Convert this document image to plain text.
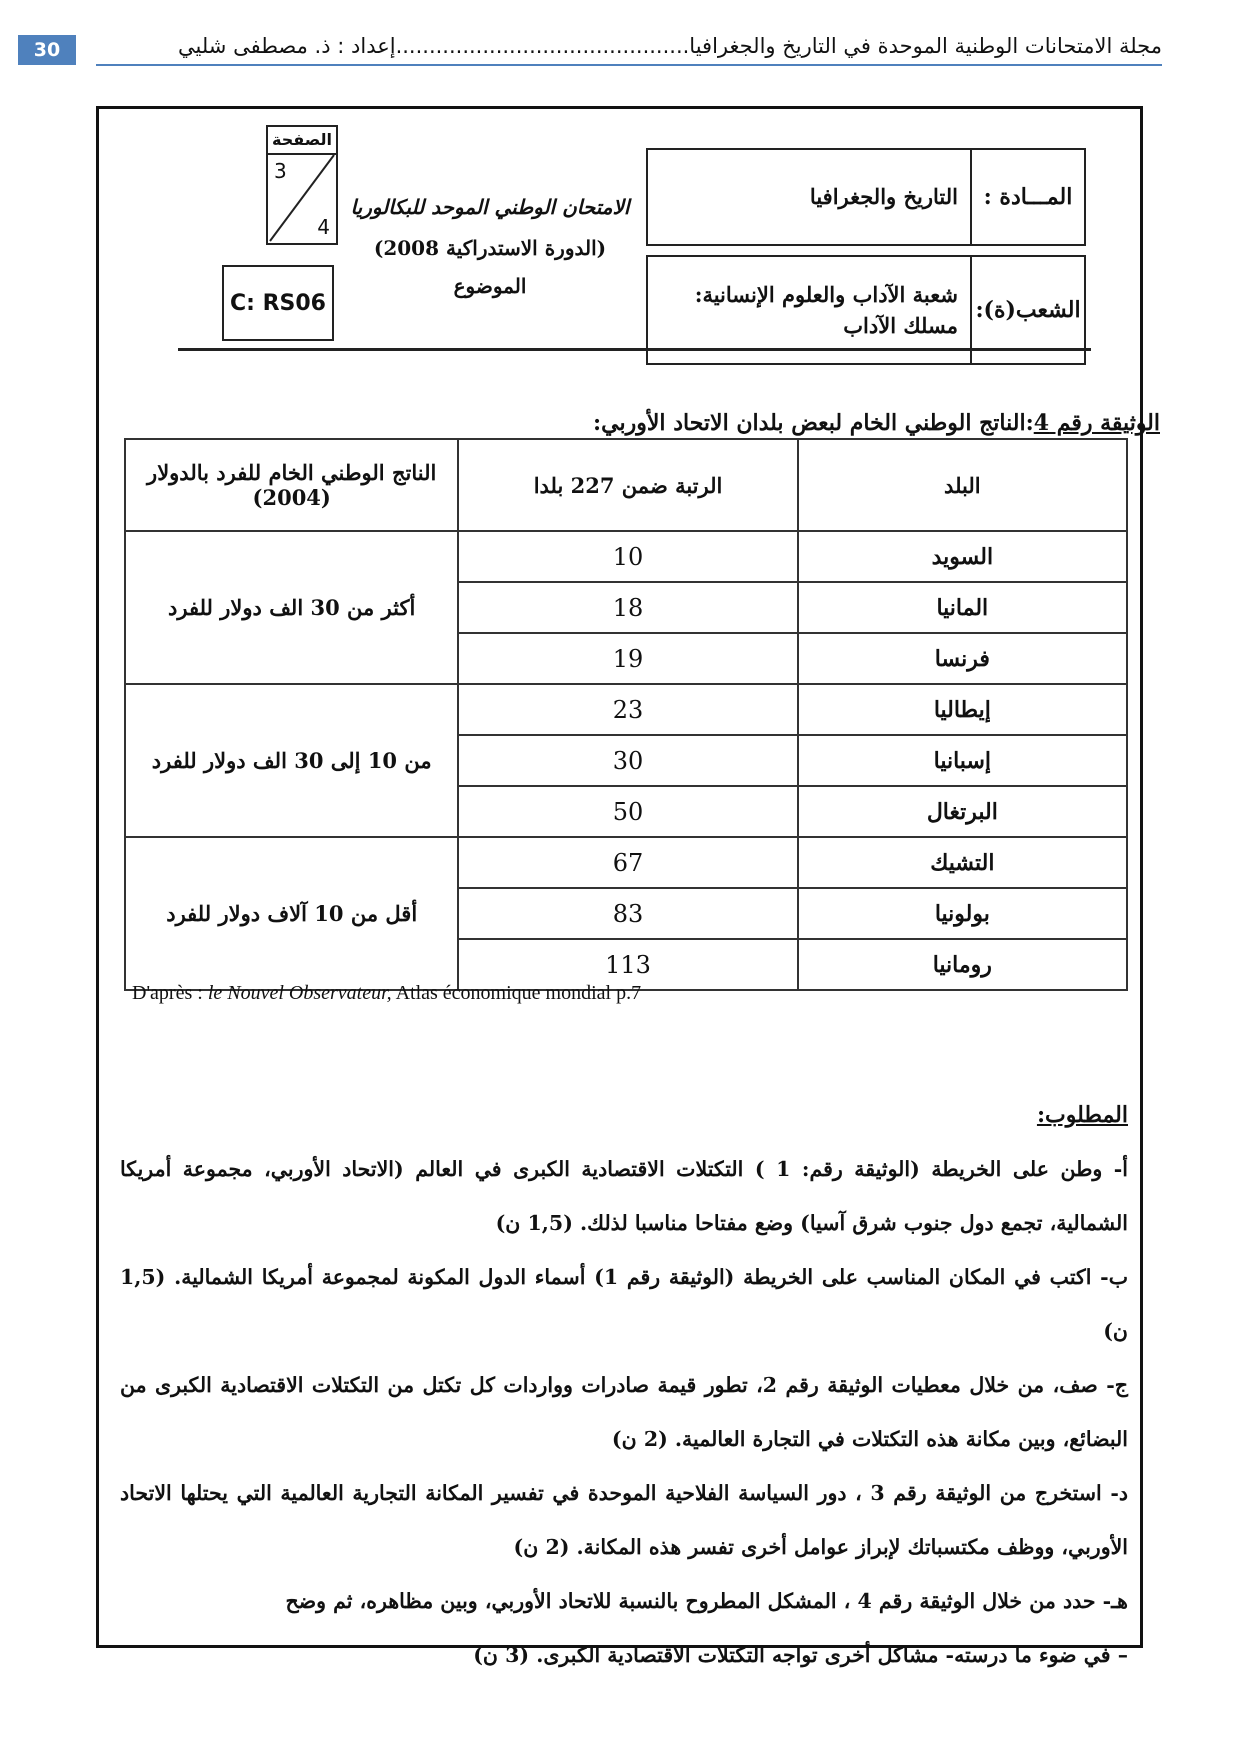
30	مجلة الامتحانات الوطنية الموحدة في التاريخ والجغرافيا............................................إعداد : ذ. مصطفى شليي
المـــادة :
التاريخ والجغرافيا
الشعب(ة):
شعبة الآداب والعلوم الإنسانية: مسلك الآداب
الامتحان الوطني الموحد للبكالوريا
(الدورة الاستدراكية 2008)
الموضوع
الصفحة
3
4
C: RS06
الوثيقة رقم 4:الناتج الوطني الخام لبعض بلدان الاتحاد الأوربي:
البلد	الرتبة ضمن 227 بلدا	الناتج الوطني الخام للفرد بالدولار (2004)
السويد	10	أكثر من 30 الف دولار للفرد
المانيا	18	
فرنسا	19	
إيطاليا	23	من 10 إلى 30 الف دولار للفرد
إسبانيا	30	
البرتغال	50	
التشيك	67	أقل من 10 آلاف دولار للفرد
بولونيا	83	
رومانيا	113	
D'après : le Nouvel Observateur, Atlas économique mondial p.7

المطلوب:

أ- وطن على الخريطة (الوثيقة رقم: 1 ) التكتلات الاقتصادية الكبرى في العالم (الاتحاد الأوربي، مجموعة أمريكا الشمالية، تجمع دول جنوب شرق آسيا) وضع مفتاحا مناسبا لذلك. (1,5 ن)

ب- اكتب في المكان المناسب على الخريطة (الوثيقة رقم 1) أسماء الدول المكونة لمجموعة أمريكا الشمالية. (1,5 ن)

ج- صف، من خلال معطيات الوثيقة رقم 2، تطور قيمة صادرات وواردات كل تكتل من التكتلات الاقتصادية الكبرى من البضائع، وبين مكانة هذه التكتلات في التجارة العالمية. (2 ن)

د- استخرج من الوثيقة رقم 3 ، دور السياسة الفلاحية الموحدة في تفسير المكانة التجارية العالمية التي يحتلها الاتحاد الأوربي، ووظف مكتسباتك لإبراز عوامل أخرى تفسر هذه المكانة. (2 ن)

هـ- حدد من خلال الوثيقة رقم 4 ، المشكل المطروح بالنسبة للاتحاد الأوربي، وبين مظاهره، ثم وضح

– في ضوء ما درسته- مشاكل أخرى تواجه التكتلات الاقتصادية الكبرى. (3 ن)
